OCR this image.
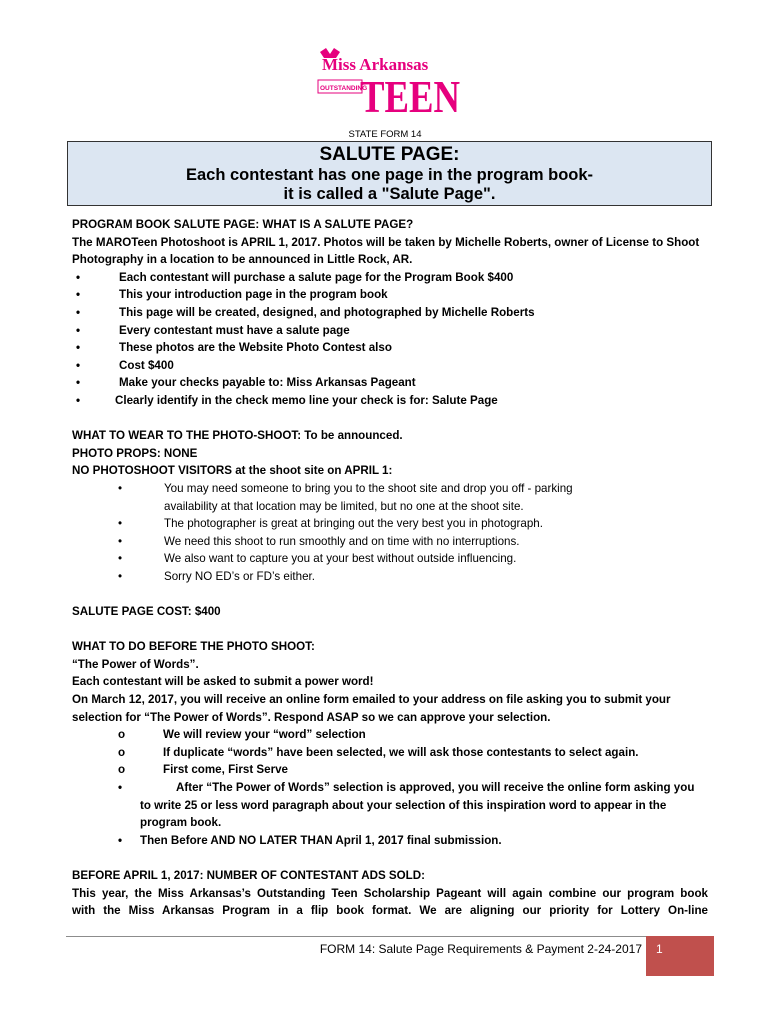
Miss Arkansas
OUTSTANDING
TEEN
STATE FORM 14
SALUTE PAGE:
Each contestant has one page in the program book-
it is called a "Salute Page".

PROGRAM BOOK SALUTE PAGE: WHAT IS A SALUTE PAGE?

The MAROTeen Photoshoot is APRIL 1, 2017. Photos will be taken by Michelle Roberts, owner of License to Shoot Photography in a location to be announced in Little Rock, AR.

•	Each contestant will purchase a salute page for the Program Book $400

•	This your introduction page in the program book

•	This page will be created, designed, and photographed by Michelle Roberts

•	Every contestant must have a salute page

•	These photos are the Website Photo Contest also

•	Cost $400

•	Make your checks payable to: Miss Arkansas Pageant

•	Clearly identify in the check memo line your check is for: Salute Page

WHAT TO WEAR TO THE PHOTO-SHOOT: To be announced.

PHOTO PROPS: NONE

NO PHOTOSHOOT VISITORS at the shoot site on APRIL 1:

•	You may need someone to bring you to the shoot site and drop you off - parking availability at that location may be limited, but no one at the shoot site.

•	The photographer is great at bringing out the very best you in photograph.

•	We need this shoot to run smoothly and on time with no interruptions.

•	We also want to capture you at your best without outside influencing.

•	Sorry NO ED’s or FD’s either.

SALUTE PAGE COST: $400

WHAT TO DO BEFORE THE PHOTO SHOOT:

“The Power of Words”.

Each contestant will be asked to submit a power word!

On March 12, 2017, you will receive an online form emailed to your address on file asking you to submit your selection for “The Power of Words”. Respond ASAP so we can approve your selection.

o	We will review your “word” selection

o	If duplicate “words” have been selected, we will ask those contestants to select again.

o	First come, First Serve

•	After “The Power of Words” selection is approved, you will receive the online form asking you to write 25 or less word paragraph about your selection of this inspiration word to appear in the program book.

• Then Before AND NO LATER THAN April 1, 2017 final submission.

BEFORE APRIL 1, 2017: NUMBER OF CONTESTANT ADS SOLD:

This year, the Miss Arkansas’s Outstanding Teen Scholarship Pageant will again combine our program book

with the Miss Arkansas Program in a flip book format. We are aligning our priority for Lottery On-line

FORM 14: Salute Page Requirements & Payment 2-24-2017 1
